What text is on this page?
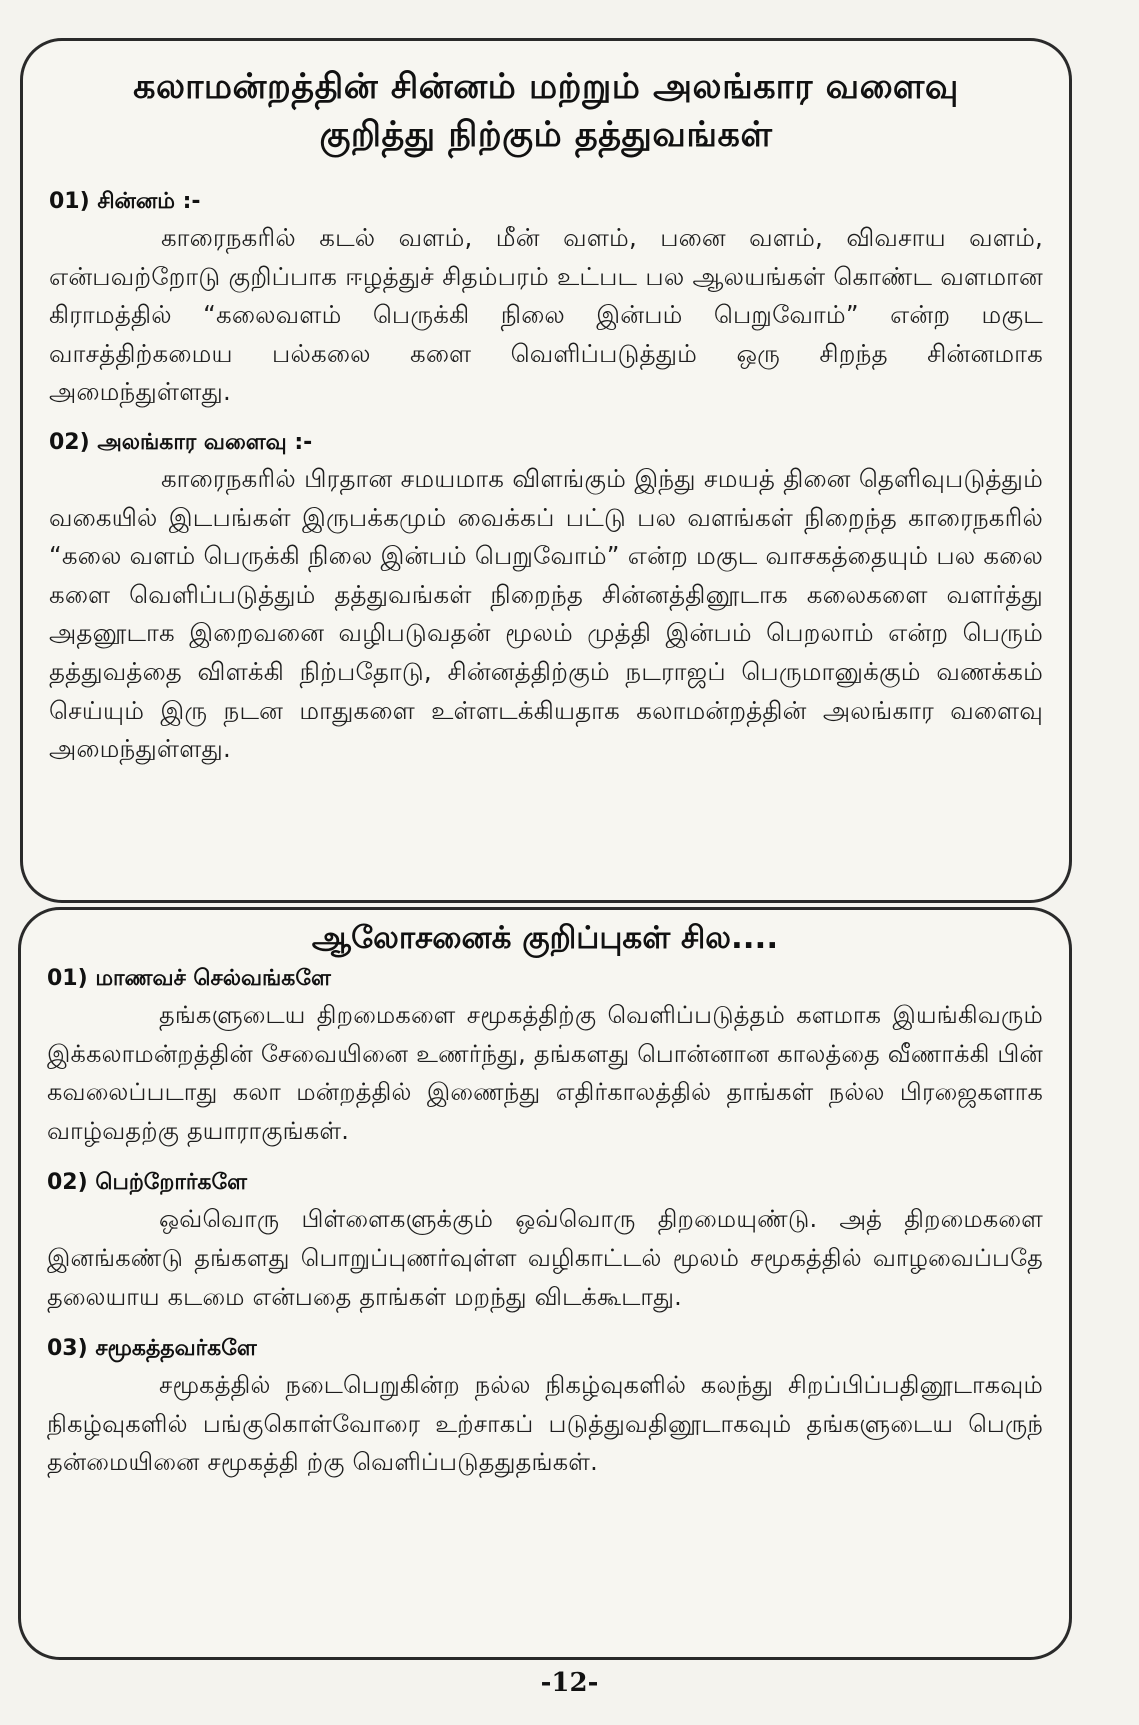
கலாமன்றத்தின் சின்னம் மற்றும் அலங்கார வளைவு
குறித்து நிற்கும் தத்துவங்கள்

01) சின்னம் :-

காரைநகரில் கடல் வளம், மீன் வளம், பனை வளம், விவசாய வளம், என்பவற்றோடு குறிப்பாக ஈழத்துச் சிதம்பரம் உட்பட பல ஆலயங்கள் கொண்ட வளமான கிராமத்தில் “கலைவளம் பெருக்கி நிலை இன்பம் பெறுவோம்” என்ற மகுட வாசத்திற்கமைய பல்கலை களை வெளிப்படுத்தும் ஒரு சிறந்த சின்னமாக அமைந்துள்ளது.

02) அலங்கார வளைவு :-

காரைநகரில் பிரதான சமயமாக விளங்கும் இந்து சமயத் தினை தெளிவுபடுத்தும் வகையில் இடபங்கள் இருபக்கமும் வைக்கப் பட்டு பல வளங்கள் நிறைந்த காரைநகரில் “கலை வளம் பெருக்கி நிலை இன்பம் பெறுவோம்” என்ற மகுட வாசகத்தையும் பல கலை களை வெளிப்படுத்தும் தத்துவங்கள் நிறைந்த சின்னத்தினூடாக கலைகளை வளர்த்து அதனூடாக இறைவனை வழிபடுவதன் மூலம் முத்தி இன்பம் பெறலாம் என்ற பெரும் தத்துவத்தை விளக்கி நிற்பதோடு, சின்னத்திற்கும் நடராஜப் பெருமானுக்கும் வணக்கம் செய்யும் இரு நடன மாதுகளை உள்ளடக்கியதாக கலாமன்றத்தின் அலங்கார வளைவு அமைந்துள்ளது.

ஆலோசனைக் குறிப்புகள் சில....

01) மாணவச் செல்வங்களே

தங்களுடைய திறமைகளை சமூகத்திற்கு வெளிப்படுத்தம் களமாக இயங்கிவரும் இக்கலாமன்றத்தின் சேவையினை உணர்ந்து, தங்களது பொன்னான காலத்தை வீணாக்கி பின் கவலைப்படாது கலா மன்றத்தில் இணைந்து எதிர்காலத்தில் தாங்கள் நல்ல பிரஜைகளாக வாழ்வதற்கு தயாராகுங்கள்.

02) பெற்றோர்களே

ஒவ்வொரு பிள்ளைகளுக்கும் ஒவ்வொரு திறமையுண்டு. அத் திறமைகளை இனங்கண்டு தங்களது பொறுப்புணர்வுள்ள வழிகாட்டல் மூலம் சமூகத்தில் வாழவைப்பதே தலையாய கடமை என்பதை தாங்கள் மறந்து விடக்கூடாது.

03) சமூகத்தவர்களே

சமூகத்தில் நடைபெறுகின்ற நல்ல நிகழ்வுகளில் கலந்து சிறப்பிப்பதினூடாகவும் நிகழ்வுகளில் பங்குகொள்வோரை உற்சாகப் படுத்துவதினூடாகவும் தங்களுடைய பெருந் தன்மையினை சமூகத்தி ற்கு வெளிப்படுததுதங்கள்.

-12-
